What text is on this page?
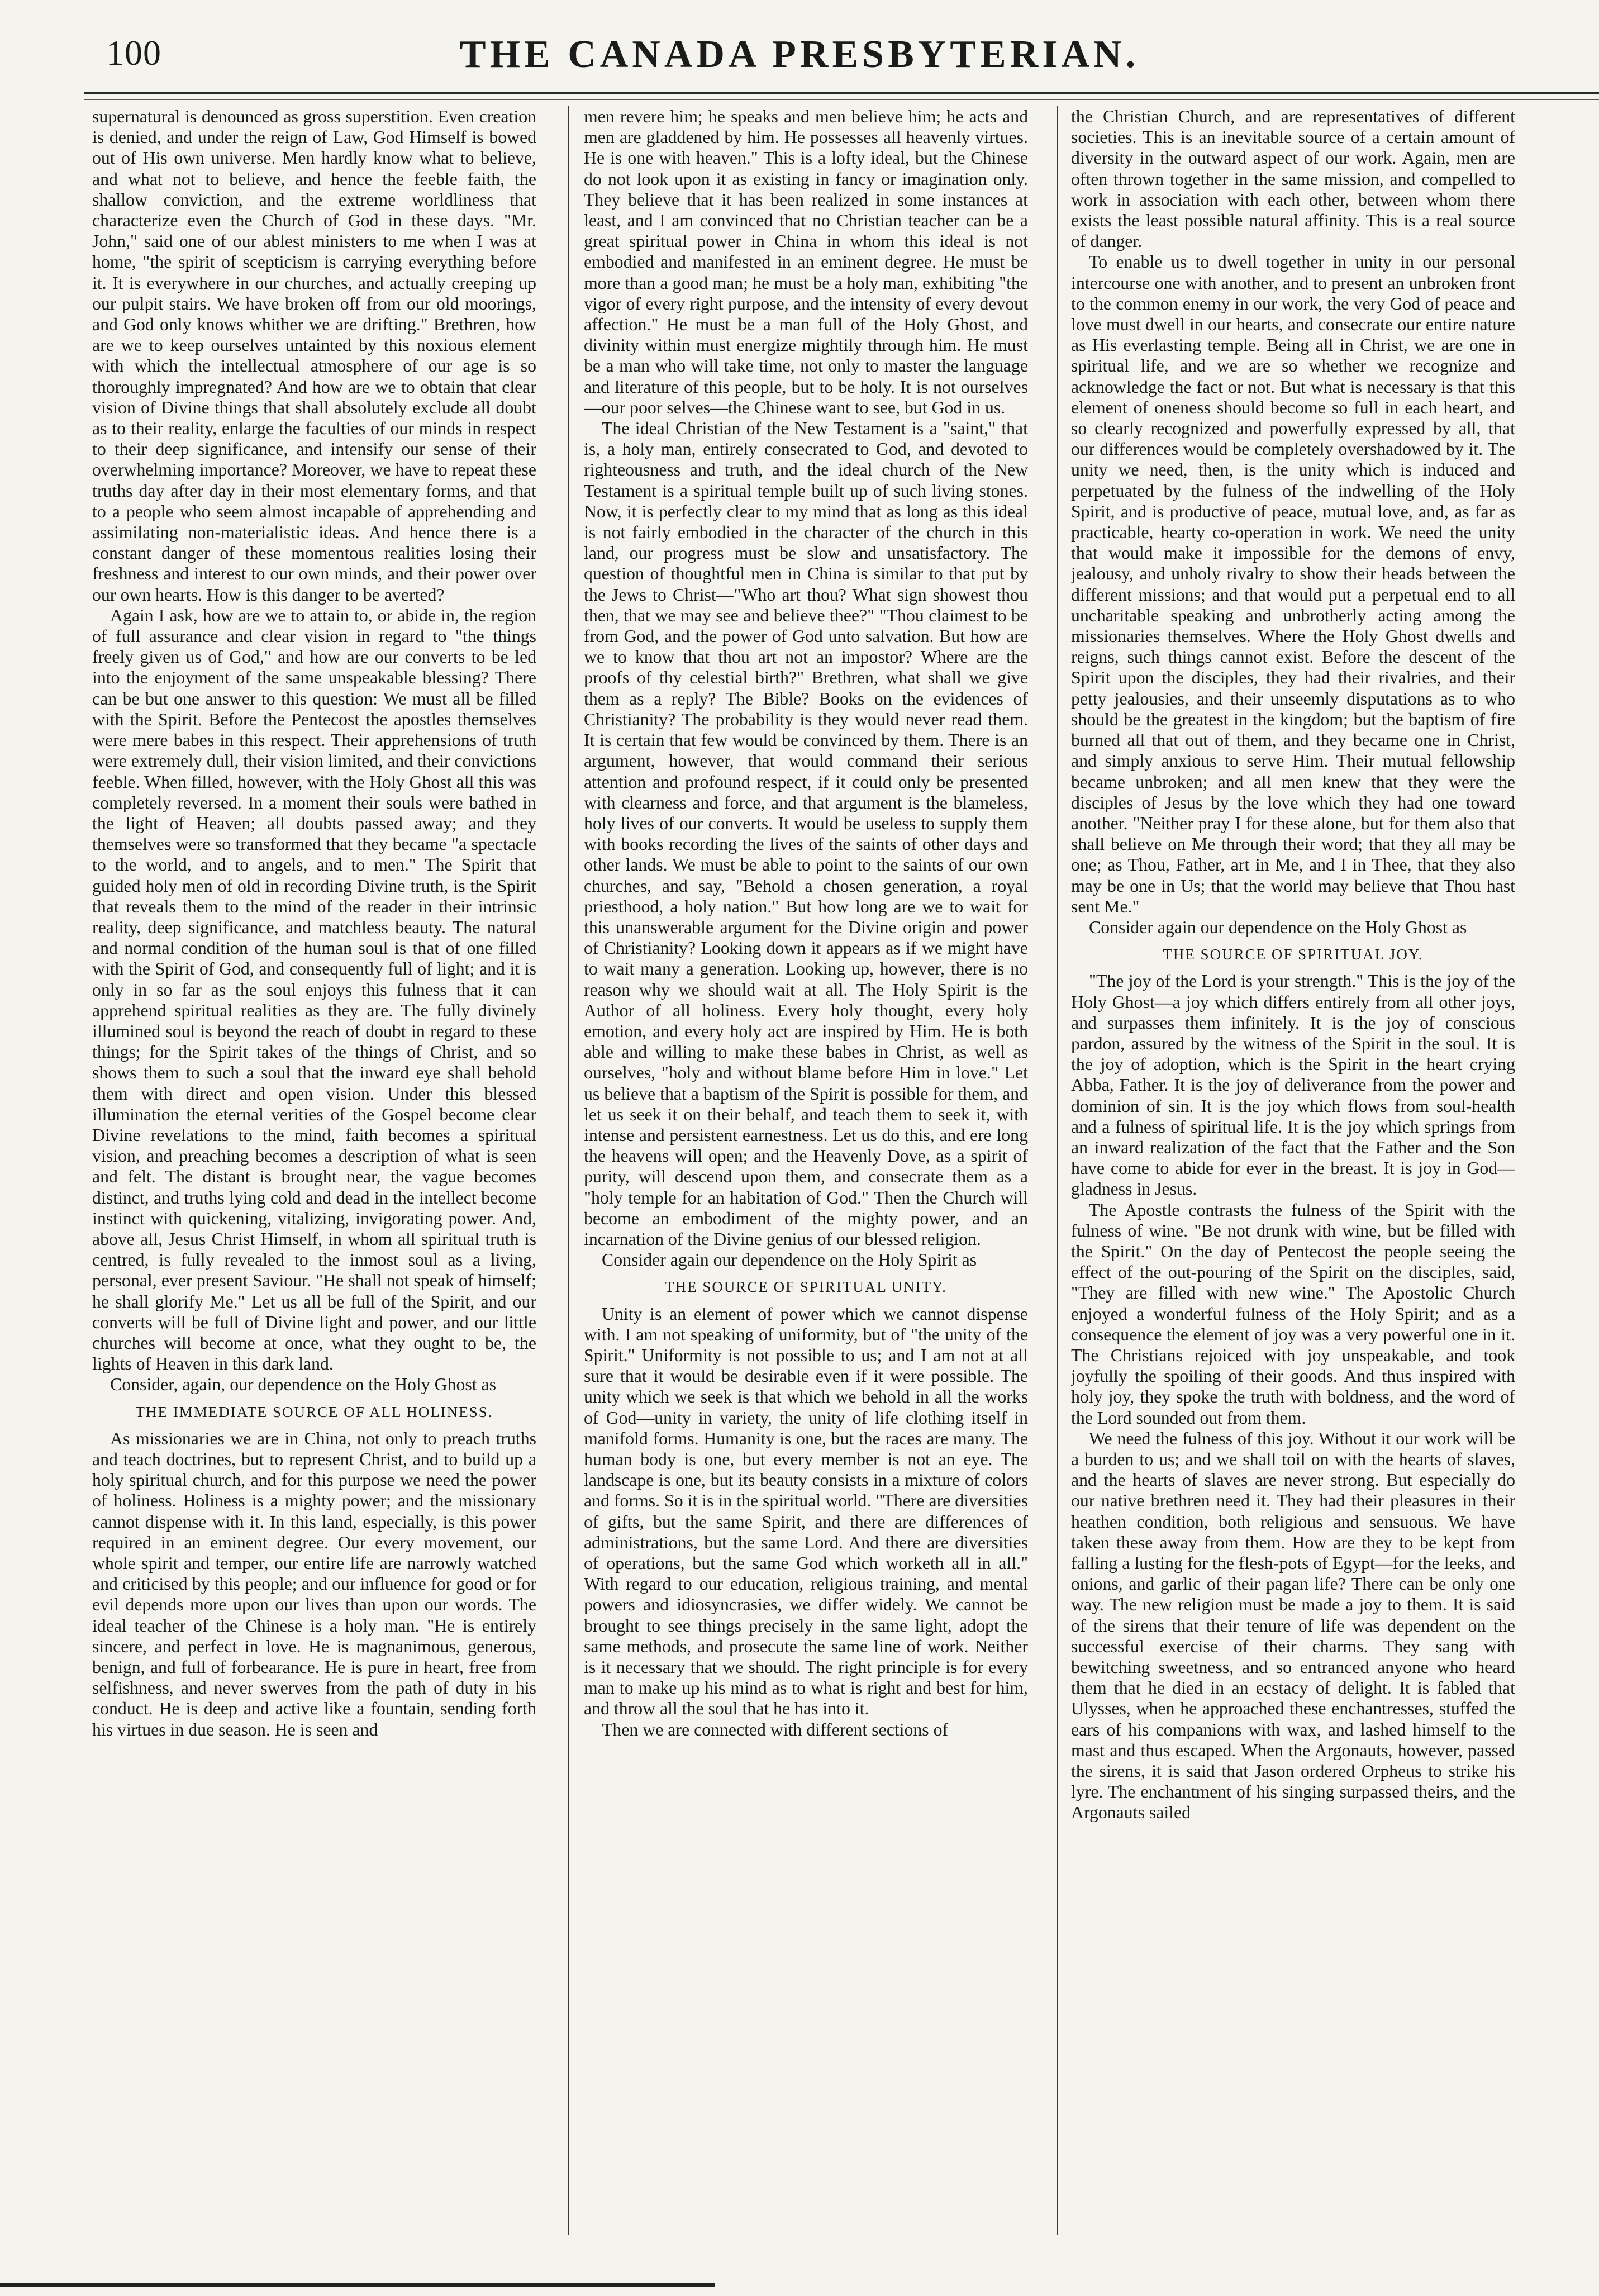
100	THE CANADA PRESBYTERIAN.

supernatural is denounced as gross superstition. Even creation is denied, and under the reign of Law, God Himself is bowed out of His own universe. Men hardly know what to believe, and what not to believe, and hence the feeble faith, the shallow conviction, and the extreme worldliness that characterize even the Church of God in these days. "Mr. John," said one of our ablest ministers to me when I was at home, "the spirit of scepticism is carrying everything before it. It is everywhere in our churches, and actually creeping up our pulpit stairs. We have broken off from our old moorings, and God only knows whither we are drifting." Brethren, how are we to keep ourselves untainted by this noxious element with which the intellectual atmosphere of our age is so thoroughly impregnated? And how are we to obtain that clear vision of Divine things that shall absolutely exclude all doubt as to their reality, enlarge the faculties of our minds in respect to their deep significance, and intensify our sense of their overwhelming importance? Moreover, we have to repeat these truths day after day in their most elementary forms, and that to a people who seem almost incapable of apprehending and assimilating non-materialistic ideas. And hence there is a constant danger of these momentous realities losing their freshness and interest to our own minds, and their power over our own hearts. How is this danger to be averted?

Again I ask, how are we to attain to, or abide in, the region of full assurance and clear vision in regard to "the things freely given us of God," and how are our converts to be led into the enjoyment of the same unspeakable blessing? There can be but one answer to this question: We must all be filled with the Spirit. Before the Pentecost the apostles themselves were mere babes in this respect. Their apprehensions of truth were extremely dull, their vision limited, and their convictions feeble. When filled, however, with the Holy Ghost all this was completely reversed. In a moment their souls were bathed in the light of Heaven; all doubts passed away; and they themselves were so transformed that they became "a spectacle to the world, and to angels, and to men." The Spirit that guided holy men of old in recording Divine truth, is the Spirit that reveals them to the mind of the reader in their intrinsic reality, deep significance, and matchless beauty. The natural and normal condition of the human soul is that of one filled with the Spirit of God, and consequently full of light; and it is only in so far as the soul enjoys this fulness that it can apprehend spiritual realities as they are. The fully divinely illumined soul is beyond the reach of doubt in regard to these things; for the Spirit takes of the things of Christ, and so shows them to such a soul that the inward eye shall behold them with direct and open vision. Under this blessed illumination the eternal verities of the Gospel become clear Divine revelations to the mind, faith becomes a spiritual vision, and preaching becomes a description of what is seen and felt. The distant is brought near, the vague becomes distinct, and truths lying cold and dead in the intellect become instinct with quickening, vitalizing, invigorating power. And, above all, Jesus Christ Himself, in whom all spiritual truth is centred, is fully revealed to the inmost soul as a living, personal, ever present Saviour. "He shall not speak of himself; he shall glorify Me." Let us all be full of the Spirit, and our converts will be full of Divine light and power, and our little churches will become at once, what they ought to be, the lights of Heaven in this dark land.

Consider, again, our dependence on the Holy Ghost as

THE IMMEDIATE SOURCE OF ALL HOLINESS.

As missionaries we are in China, not only to preach truths and teach doctrines, but to represent Christ, and to build up a holy spiritual church, and for this purpose we need the power of holiness. Holiness is a mighty power; and the missionary cannot dispense with it. In this land, especially, is this power required in an eminent degree. Our every movement, our whole spirit and temper, our entire life are narrowly watched and criticised by this people; and our influence for good or for evil depends more upon our lives than upon our words. The ideal teacher of the Chinese is a holy man. "He is entirely sincere, and perfect in love. He is magnanimous, generous, benign, and full of forbearance. He is pure in heart, free from selfishness, and never swerves from the path of duty in his conduct. He is deep and active like a fountain, sending forth his virtues in due season. He is seen and

men revere him; he speaks and men believe him; he acts and men are gladdened by him. He possesses all heavenly virtues. He is one with heaven." This is a lofty ideal, but the Chinese do not look upon it as existing in fancy or imagination only. They believe that it has been realized in some instances at least, and I am convinced that no Christian teacher can be a great spiritual power in China in whom this ideal is not embodied and manifested in an eminent degree. He must be more than a good man; he must be a holy man, exhibiting "the vigor of every right purpose, and the intensity of every devout affection." He must be a man full of the Holy Ghost, and divinity within must energize mightily through him. He must be a man who will take time, not only to master the language and literature of this people, but to be holy. It is not ourselves—our poor selves—the Chinese want to see, but God in us.

The ideal Christian of the New Testament is a "saint," that is, a holy man, entirely consecrated to God, and devoted to righteousness and truth, and the ideal church of the New Testament is a spiritual temple built up of such living stones. Now, it is perfectly clear to my mind that as long as this ideal is not fairly embodied in the character of the church in this land, our progress must be slow and unsatisfactory. The question of thoughtful men in China is similar to that put by the Jews to Christ—"Who art thou? What sign showest thou then, that we may see and believe thee?" "Thou claimest to be from God, and the power of God unto salvation. But how are we to know that thou art not an impostor? Where are the proofs of thy celestial birth?" Brethren, what shall we give them as a reply? The Bible? Books on the evidences of Christianity? The probability is they would never read them. It is certain that few would be convinced by them. There is an argument, however, that would command their serious attention and profound respect, if it could only be presented with clearness and force, and that argument is the blameless, holy lives of our converts. It would be useless to supply them with books recording the lives of the saints of other days and other lands. We must be able to point to the saints of our own churches, and say, "Behold a chosen generation, a royal priesthood, a holy nation." But how long are we to wait for this unanswerable argument for the Divine origin and power of Christianity? Looking down it appears as if we might have to wait many a generation. Looking up, however, there is no reason why we should wait at all. The Holy Spirit is the Author of all holiness. Every holy thought, every holy emotion, and every holy act are inspired by Him. He is both able and willing to make these babes in Christ, as well as ourselves, "holy and without blame before Him in love." Let us believe that a baptism of the Spirit is possible for them, and let us seek it on their behalf, and teach them to seek it, with intense and persistent earnestness. Let us do this, and ere long the heavens will open; and the Heavenly Dove, as a spirit of purity, will descend upon them, and consecrate them as a "holy temple for an habitation of God." Then the Church will become an embodiment of the mighty power, and an incarnation of the Divine genius of our blessed religion.

Consider again our dependence on the Holy Spirit as

THE SOURCE OF SPIRITUAL UNITY.

Unity is an element of power which we cannot dispense with. I am not speaking of uniformity, but of "the unity of the Spirit." Uniformity is not possible to us; and I am not at all sure that it would be desirable even if it were possible. The unity which we seek is that which we behold in all the works of God—unity in variety, the unity of life clothing itself in manifold forms. Humanity is one, but the races are many. The human body is one, but every member is not an eye. The landscape is one, but its beauty consists in a mixture of colors and forms. So it is in the spiritual world. "There are diversities of gifts, but the same Spirit, and there are differences of administrations, but the same Lord. And there are diversities of operations, but the same God which worketh all in all." With regard to our education, religious training, and mental powers and idiosyncrasies, we differ widely. We cannot be brought to see things precisely in the same light, adopt the same methods, and prosecute the same line of work. Neither is it necessary that we should. The right principle is for every man to make up his mind as to what is right and best for him, and throw all the soul that he has into it.

Then we are connected with different sections of

the Christian Church, and are representatives of different societies. This is an inevitable source of a certain amount of diversity in the outward aspect of our work. Again, men are often thrown together in the same mission, and compelled to work in association with each other, between whom there exists the least possible natural affinity. This is a real source of danger.

To enable us to dwell together in unity in our personal intercourse one with another, and to present an unbroken front to the common enemy in our work, the very God of peace and love must dwell in our hearts, and consecrate our entire nature as His everlasting temple. Being all in Christ, we are one in spiritual life, and we are so whether we recognize and acknowledge the fact or not. But what is necessary is that this element of oneness should become so full in each heart, and so clearly recognized and powerfully expressed by all, that our differences would be completely overshadowed by it. The unity we need, then, is the unity which is induced and perpetuated by the fulness of the indwelling of the Holy Spirit, and is productive of peace, mutual love, and, as far as practicable, hearty co-operation in work. We need the unity that would make it impossible for the demons of envy, jealousy, and unholy rivalry to show their heads between the different missions; and that would put a perpetual end to all uncharitable speaking and unbrotherly acting among the missionaries themselves. Where the Holy Ghost dwells and reigns, such things cannot exist. Before the descent of the Spirit upon the disciples, they had their rivalries, and their petty jealousies, and their unseemly disputations as to who should be the greatest in the kingdom; but the baptism of fire burned all that out of them, and they became one in Christ, and simply anxious to serve Him. Their mutual fellowship became unbroken; and all men knew that they were the disciples of Jesus by the love which they had one toward another. "Neither pray I for these alone, but for them also that shall believe on Me through their word; that they all may be one; as Thou, Father, art in Me, and I in Thee, that they also may be one in Us; that the world may believe that Thou hast sent Me."

Consider again our dependence on the Holy Ghost as

THE SOURCE OF SPIRITUAL JOY.

"The joy of the Lord is your strength." This is the joy of the Holy Ghost—a joy which differs entirely from all other joys, and surpasses them infinitely. It is the joy of conscious pardon, assured by the witness of the Spirit in the soul. It is the joy of adoption, which is the Spirit in the heart crying Abba, Father. It is the joy of deliverance from the power and dominion of sin. It is the joy which flows from soul-health and a fulness of spiritual life. It is the joy which springs from an inward realization of the fact that the Father and the Son have come to abide for ever in the breast. It is joy in God—gladness in Jesus.

The Apostle contrasts the fulness of the Spirit with the fulness of wine. "Be not drunk with wine, but be filled with the Spirit." On the day of Pentecost the people seeing the effect of the out-pouring of the Spirit on the disciples, said, "They are filled with new wine." The Apostolic Church enjoyed a wonderful fulness of the Holy Spirit; and as a consequence the element of joy was a very powerful one in it. The Christians rejoiced with joy unspeakable, and took joyfully the spoiling of their goods. And thus inspired with holy joy, they spoke the truth with boldness, and the word of the Lord sounded out from them.

We need the fulness of this joy. Without it our work will be a burden to us; and we shall toil on with the hearts of slaves, and the hearts of slaves are never strong. But especially do our native brethren need it. They had their pleasures in their heathen condition, both religious and sensuous. We have taken these away from them. How are they to be kept from falling a lusting for the flesh-pots of Egypt—for the leeks, and onions, and garlic of their pagan life? There can be only one way. The new religion must be made a joy to them. It is said of the sirens that their tenure of life was dependent on the successful exercise of their charms. They sang with bewitching sweetness, and so entranced anyone who heard them that he died in an ecstacy of delight. It is fabled that Ulysses, when he approached these enchantresses, stuffed the ears of his companions with wax, and lashed himself to the mast and thus escaped. When the Argonauts, however, passed the sirens, it is said that Jason ordered Orpheus to strike his lyre. The enchantment of his singing surpassed theirs, and the Argonauts sailed
